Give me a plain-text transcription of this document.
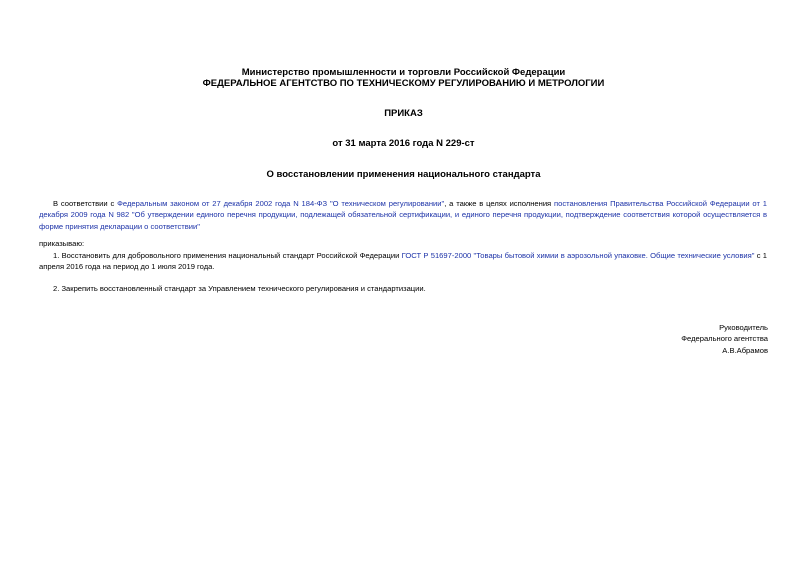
Министерство промышленности и торговли Российской Федерации
ФЕДЕРАЛЬНОЕ АГЕНТСТВО ПО ТЕХНИЧЕСКОМУ РЕГУЛИРОВАНИЮ И МЕТРОЛОГИИ
ПРИКАЗ
от 31 марта 2016 года N 229-ст
О восстановлении применения национального стандарта
В соответствии с Федеральным законом от 27 декабря 2002 года N 184-ФЗ "О техническом регулировании", а также в целях исполнения постановления Правительства Российской Федерации от 1 декабря 2009 года N 982 "Об утверждении единого перечня продукции, подлежащей обязательной сертификации, и единого перечня продукции, подтверждение соответствия которой осуществляется в форме принятия декларации о соответствии"
приказываю:
1. Восстановить для добровольного применения национальный стандарт Российской Федерации ГОСТ Р 51697-2000 "Товары бытовой химии в аэрозольной упаковке. Общие технические условия" с 1 апреля 2016 года на период до 1 июля 2019 года.
2. Закрепить восстановленный стандарт за Управлением технического регулирования и стандартизации.
Руководитель
Федерального агентства
А.В.Абрамов
